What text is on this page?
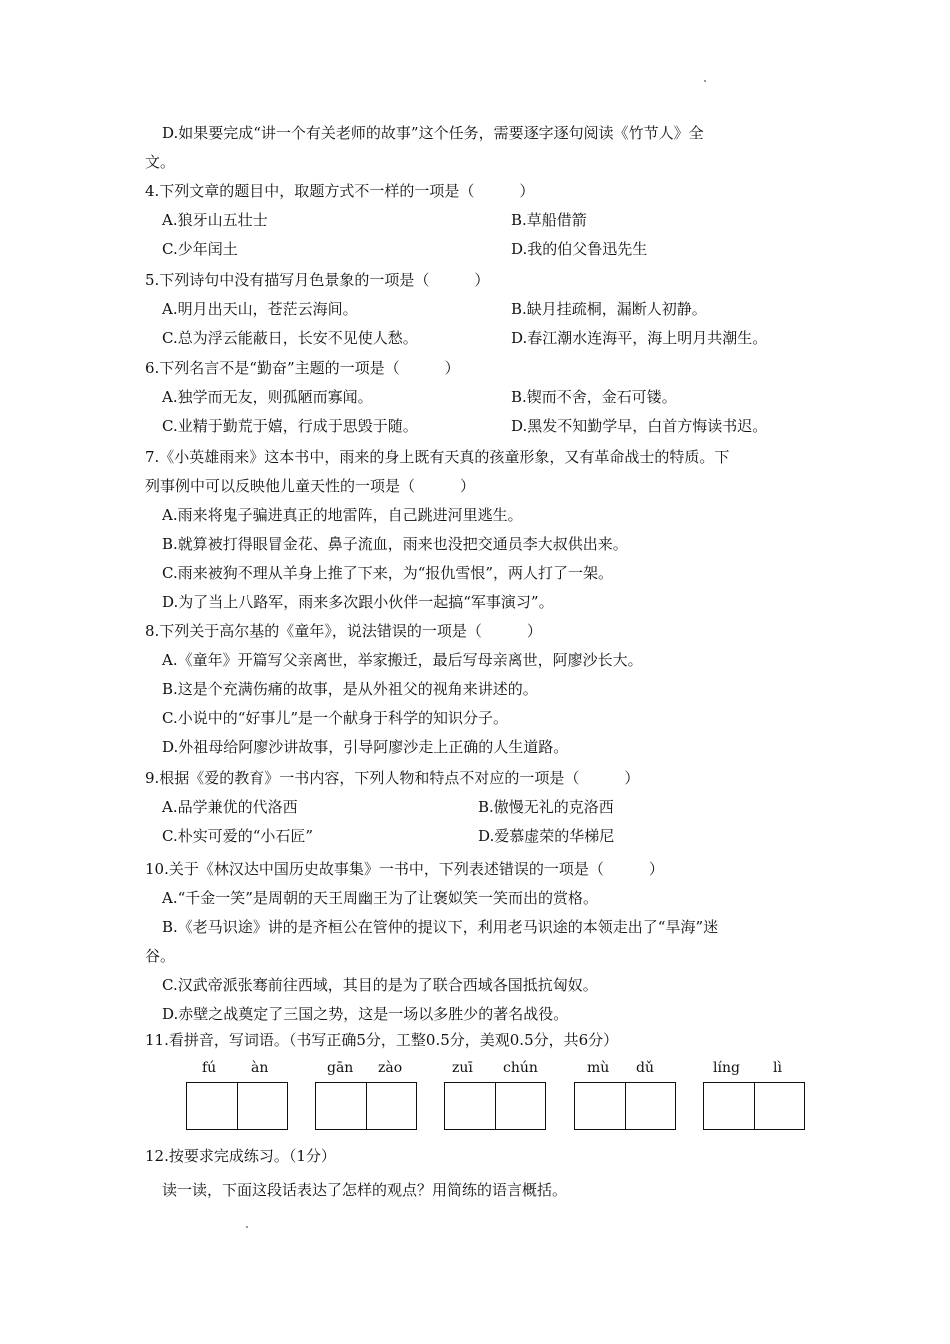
D.如果要完成“讲一个有关老师的故事”这个任务，需要逐字逐句阅读《竹节人》全
文。
4.下列文章的题目中，取题方式不一样的一项是（　　　）
A.狼牙山五壮士	B.草船借箭
C.少年闰土	D.我的伯父鲁迅先生
5.下列诗句中没有描写月色景象的一项是（　　　）
A.明月出天山，苍茫云海间。	B.缺月挂疏桐，漏断人初静。
C.总为浮云能蔽日，长安不见使人愁。	D.春江潮水连海平，海上明月共潮生。
6.下列名言不是“勤奋”主题的一项是（　　　）
A.独学而无友，则孤陋而寡闻。	B.锲而不舍，金石可镂。
C.业精于勤荒于嬉，行成于思毁于随。	D.黑发不知勤学早，白首方悔读书迟。
7.《小英雄雨来》这本书中，雨来的身上既有天真的孩童形象，又有革命战士的特质。下
列事例中可以反映他儿童天性的一项是（　　　）
A.雨来将鬼子骗进真正的地雷阵，自己跳进河里逃生。
B.就算被打得眼冒金花、鼻子流血，雨来也没把交通员李大叔供出来。
C.雨来被狗不理从羊身上推了下来，为“报仇雪恨”，两人打了一架。
D.为了当上八路军，雨来多次跟小伙伴一起搞“军事演习”。
8.下列关于高尔基的《童年》，说法错误的一项是（　　　）
A.《童年》开篇写父亲离世，举家搬迁，最后写母亲离世，阿廖沙长大。
B.这是个充满伤痛的故事，是从外祖父的视角来讲述的。
C.小说中的“好事儿”是一个献身于科学的知识分子。
D.外祖母给阿廖沙讲故事，引导阿廖沙走上正确的人生道路。
9.根据《爱的教育》一书内容，下列人物和特点不对应的一项是（　　　）
A.品学兼优的代洛西	B.傲慢无礼的克洛西
C.朴实可爱的“小石匠”	D.爱慕虚荣的华梯尼
10.关于《林汉达中国历史故事集》一书中，下列表述错误的一项是（　　　）
A.“千金一笑”是周朝的天王周幽王为了让褒姒笑一笑而出的赏格。
B.《老马识途》讲的是齐桓公在管仲的提议下，利用老马识途的本领走出了“旱海”迷
谷。
C.汉武帝派张骞前往西域，其目的是为了联合西域各国抵抗匈奴。
D.赤壁之战奠定了三国之势，这是一场以多胜少的著名战役。
11.看拼音，写词语。（书写正确5分，工整0.5分，美观0.5分，共6分）
fú àn	gān zào	zuī chún	mù dǔ	líng lì
12.按要求完成练习。（1分）
读一读，下面这段话表达了怎样的观点？用简练的语言概括。
